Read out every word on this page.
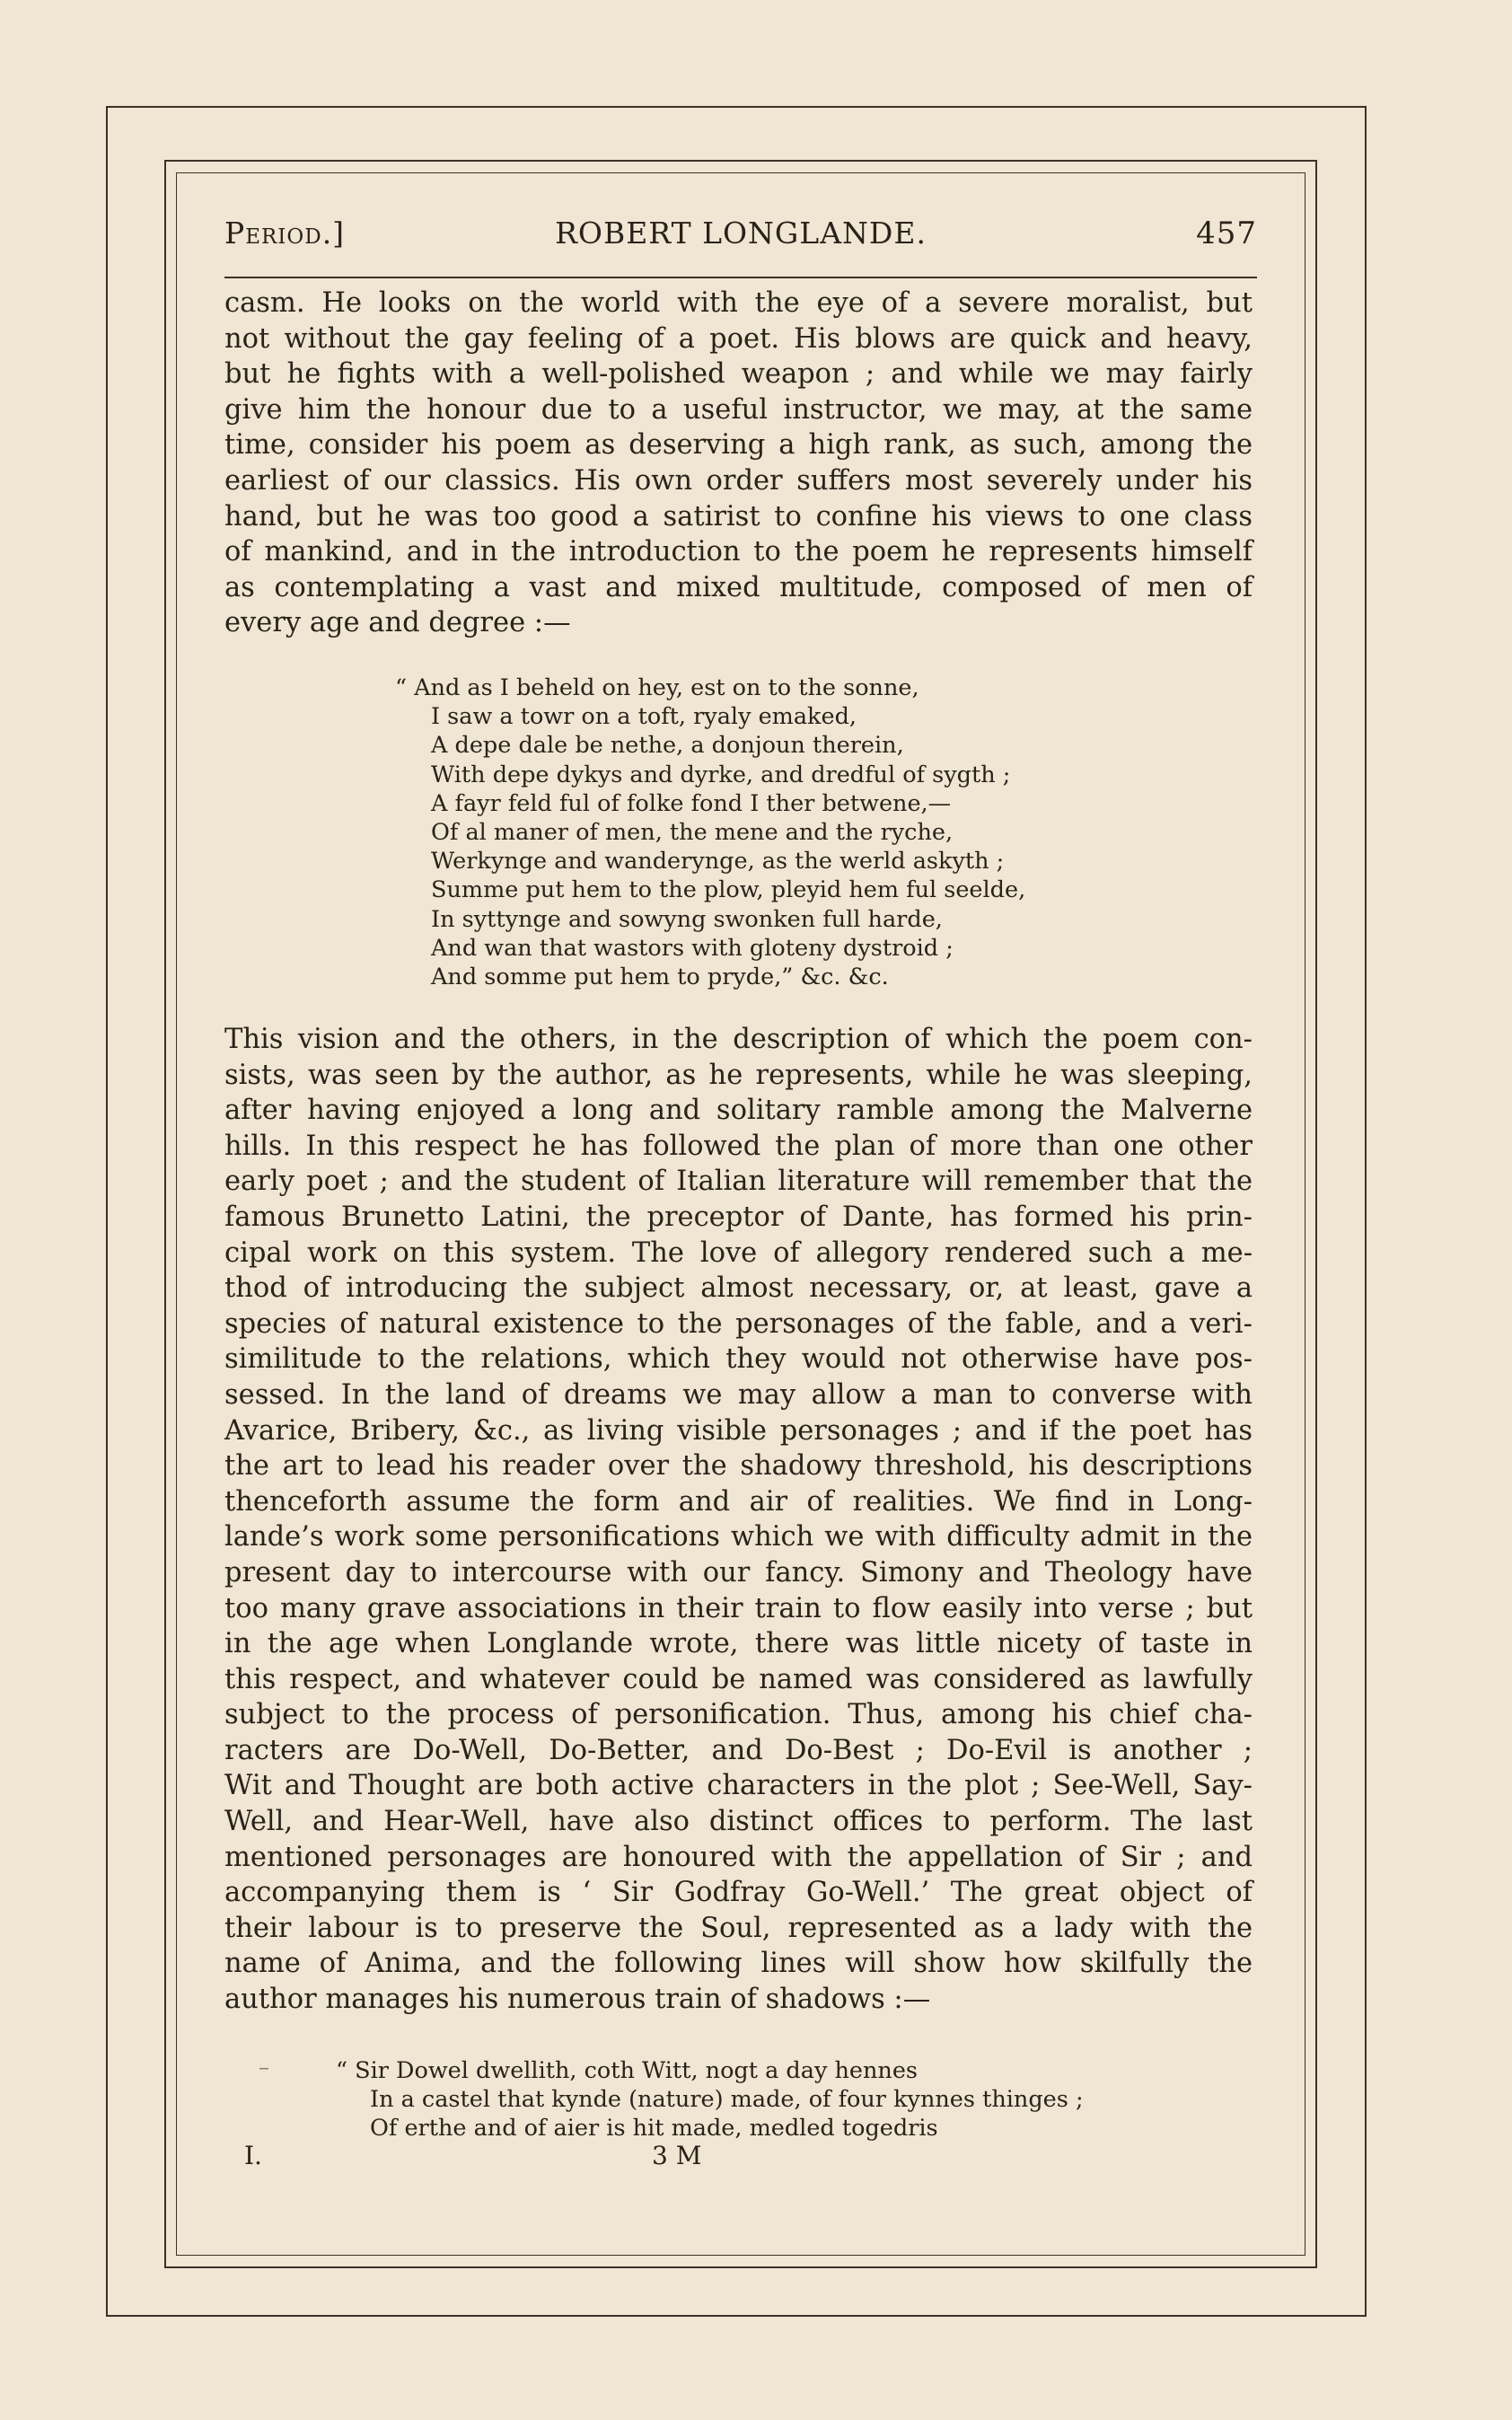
Period.]	ROBERT LONGLANDE.	457
casm. He looks on the world with the eye of a severe moralist, but
not without the gay feeling of a poet. His blows are quick and heavy,
but he fights with a well-polished weapon ; and while we may fairly
give him the honour due to a useful instructor, we may, at the same
time, consider his poem as deserving a high rank, as such, among the
earliest of our classics. His own order suffers most severely under his
hand, but he was too good a satirist to confine his views to one class
of mankind, and in the introduction to the poem he represents himself
as contemplating a vast and mixed multitude, composed of men of
every age and degree :—
“ And as I beheld on hey, est on to the sonne,
I saw a towr on a toft, ryaly emaked,
A depe dale be nethe, a donjoun therein,
With depe dykys and dyrke, and dredful of sygth ;
A fayr feld ful of folke fond I ther betwene,—
Of al maner of men, the mene and the ryche,
Werkynge and wanderynge, as the werld askyth ;
Summe put hem to the plow, pleyid hem ful seelde,
In syttynge and sowyng swonken full harde,
And wan that wastors with gloteny dystroid ;
And somme put hem to pryde,” &c. &c.
This vision and the others, in the description of which the poem con-
sists, was seen by the author, as he represents, while he was sleeping,
after having enjoyed a long and solitary ramble among the Malverne
hills. In this respect he has followed the plan of more than one other
early poet ; and the student of Italian literature will remember that the
famous Brunetto Latini, the preceptor of Dante, has formed his prin-
cipal work on this system. The love of allegory rendered such a me-
thod of introducing the subject almost necessary, or, at least, gave a
species of natural existence to the personages of the fable, and a veri-
similitude to the relations, which they would not otherwise have pos-
sessed. In the land of dreams we may allow a man to converse with
Avarice, Bribery, &c., as living visible personages ; and if the poet has
the art to lead his reader over the shadowy threshold, his descriptions
thenceforth assume the form and air of realities. We find in Long-
lande’s work some personifications which we with difficulty admit in the
present day to intercourse with our fancy. Simony and Theology have
too many grave associations in their train to flow easily into verse ; but
in the age when Longlande wrote, there was little nicety of taste in
this respect, and whatever could be named was considered as lawfully
subject to the process of personification. Thus, among his chief cha-
racters are Do-Well, Do-Better, and Do-Best ; Do-Evil is another ;
Wit and Thought are both active characters in the plot ; See-Well, Say-
Well, and Hear-Well, have also distinct offices to perform. The last
mentioned personages are honoured with the appellation of Sir ; and
accompanying them is ‘ Sir Godfray Go-Well.’ The great object of
their labour is to preserve the Soul, represented as a lady with the
name of Anima, and the following lines will show how skilfully the
author manages his numerous train of shadows :—
–	“ Sir Dowel dwellith, coth Witt, nogt a day hennes
In a castel that kynde (nature) made, of four kynnes thinges ;
Of erthe and of aier is hit made, medled togedris
I.	3 M
